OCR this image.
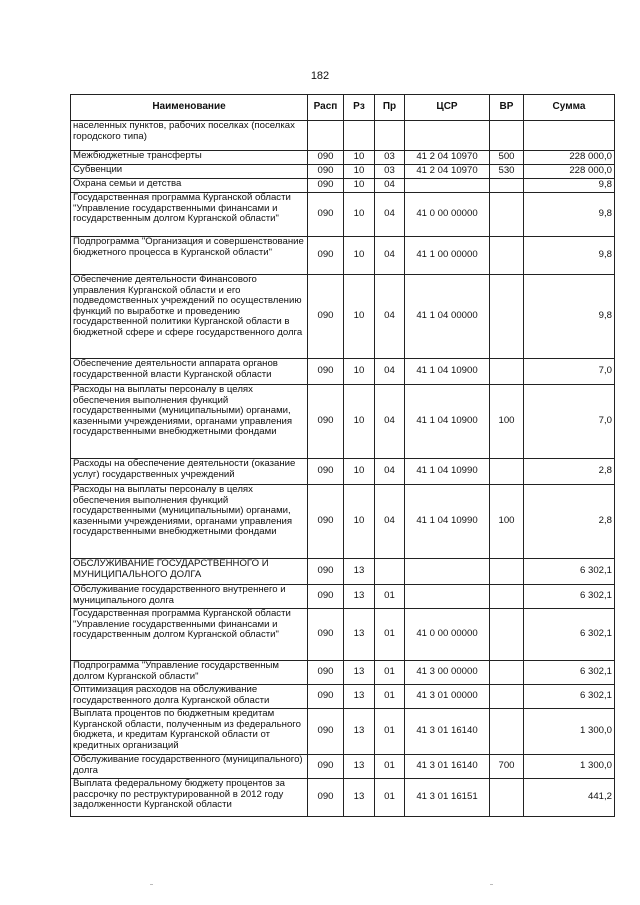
182
Наименование	Расп	Рз	Пр	ЦСР	ВР	Сумма
населенных пунктов, рабочих поселках (поселках городского типа)						
Межбюджетные трансферты	090	10	03	41 2 04 10970	500	228 000,0
Субвенции	090	10	03	41 2 04 10970	530	228 000,0
Охрана семьи и детства	090	10	04			9,8
Государственная программа Курганской области "Управление государственными финансами и государственным долгом Курганской области"	090	10	04	41 0 00 00000		9,8
Подпрограмма "Организация и совершенствование бюджетного процесса в Курганской области"	090	10	04	41 1 00 00000		9,8
Обеспечение деятельности Финансового управления Курганской области и его подведомственных учреждений по осуществлению функций по выработке и проведению государственной политики Курганской области в бюджетной сфере и сфере государственного долга	090	10	04	41 1 04 00000		9,8
Обеспечение деятельности аппарата органов государственной власти Курганской области	090	10	04	41 1 04 10900		7,0
Расходы на выплаты персоналу в целях обеспечения выполнения функций государственными (муниципальными) органами, казенными учреждениями, органами управления государственными внебюджетными фондами	090	10	04	41 1 04 10900	100	7,0
Расходы на обеспечение деятельности (оказание услуг) государственных учреждений	090	10	04	41 1 04 10990		2,8
Расходы на выплаты персоналу в целях обеспечения выполнения функций государственными (муниципальными) органами, казенными учреждениями, органами управления государственными внебюджетными фондами	090	10	04	41 1 04 10990	100	2,8
ОБСЛУЖИВАНИЕ ГОСУДАРСТВЕННОГО И МУНИЦИПАЛЬНОГО ДОЛГА	090	13				6 302,1
Обслуживание государственного внутреннего и муниципального долга	090	13	01			6 302,1
Государственная программа Курганской области "Управление государственными финансами и государственным долгом Курганской области"	090	13	01	41 0 00 00000		6 302,1
Подпрограмма "Управление государственным долгом Курганской области"	090	13	01	41 3 00 00000		6 302,1
Оптимизация расходов на обслуживание государственного долга Курганской области	090	13	01	41 3 01 00000		6 302,1
Выплата процентов по бюджетным кредитам Курганской области, полученным из федерального бюджета, и кредитам Курганской области от кредитных организаций	090	13	01	41 3 01 16140		1 300,0
Обслуживание государственного (муниципального) долга	090	13	01	41 3 01 16140	700	1 300,0
Выплата федеральному бюджету процентов за рассрочку по реструктурированной в 2012 году задолженности Курганской области	090	13	01	41 3 01 16151		441,2
